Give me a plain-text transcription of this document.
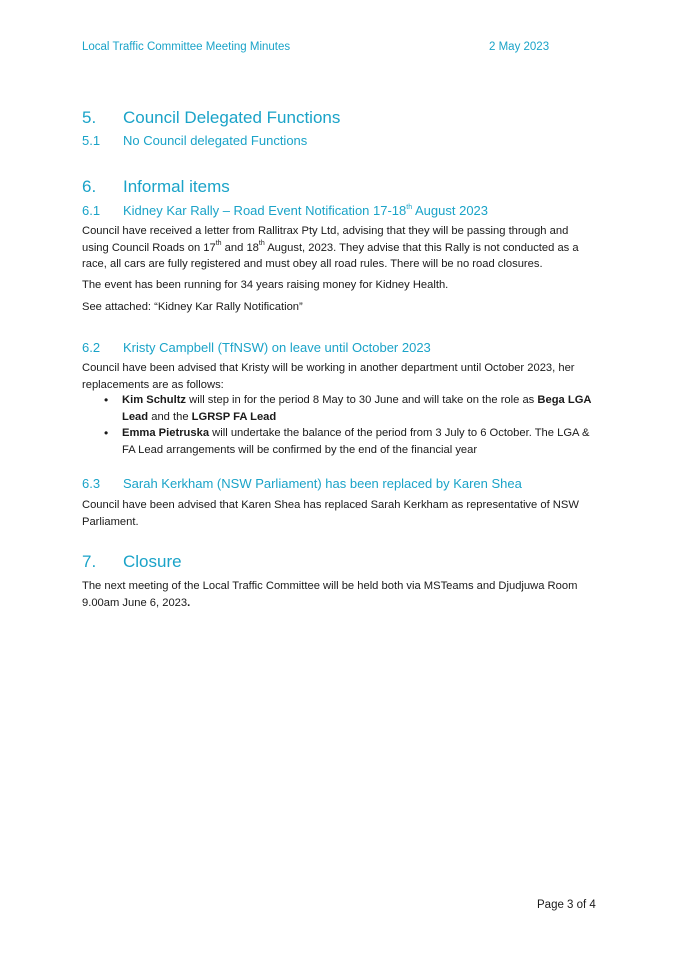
Local Traffic Committee Meeting Minutes	2 May 2023
5. Council Delegated Functions
5.1 No Council delegated Functions
6. Informal items
6.1 Kidney Kar Rally – Road Event Notification 17-18th August 2023
Council have received a letter from Rallitrax Pty Ltd, advising that they will be passing through and using Council Roads on 17th and 18th August, 2023. They advise that this Rally is not conducted as a race, all cars are fully registered and must obey all road rules. There will be no road closures.
The event has been running for 34 years raising money for Kidney Health.
See attached: “Kidney Kar Rally Notification”
6.2 Kristy Campbell (TfNSW) on leave until October 2023
Council have been advised that Kristy will be working in another department until October 2023, her replacements are as follows:
• Kim Schultz will step in for the period 8 May to 30 June and will take on the role as Bega LGA Lead and the LGRSP FA Lead
• Emma Pietruska will undertake the balance of the period from 3 July to 6 October. The LGA & FA Lead arrangements will be confirmed by the end of the financial year
6.3 Sarah Kerkham (NSW Parliament) has been replaced by Karen Shea
Council have been advised that Karen Shea has replaced Sarah Kerkham as representative of NSW Parliament.
7. Closure
The next meeting of the Local Traffic Committee will be held both via MSTeams and Djudjuwa Room 9.00am June 6, 2023.
Page 3 of 4
